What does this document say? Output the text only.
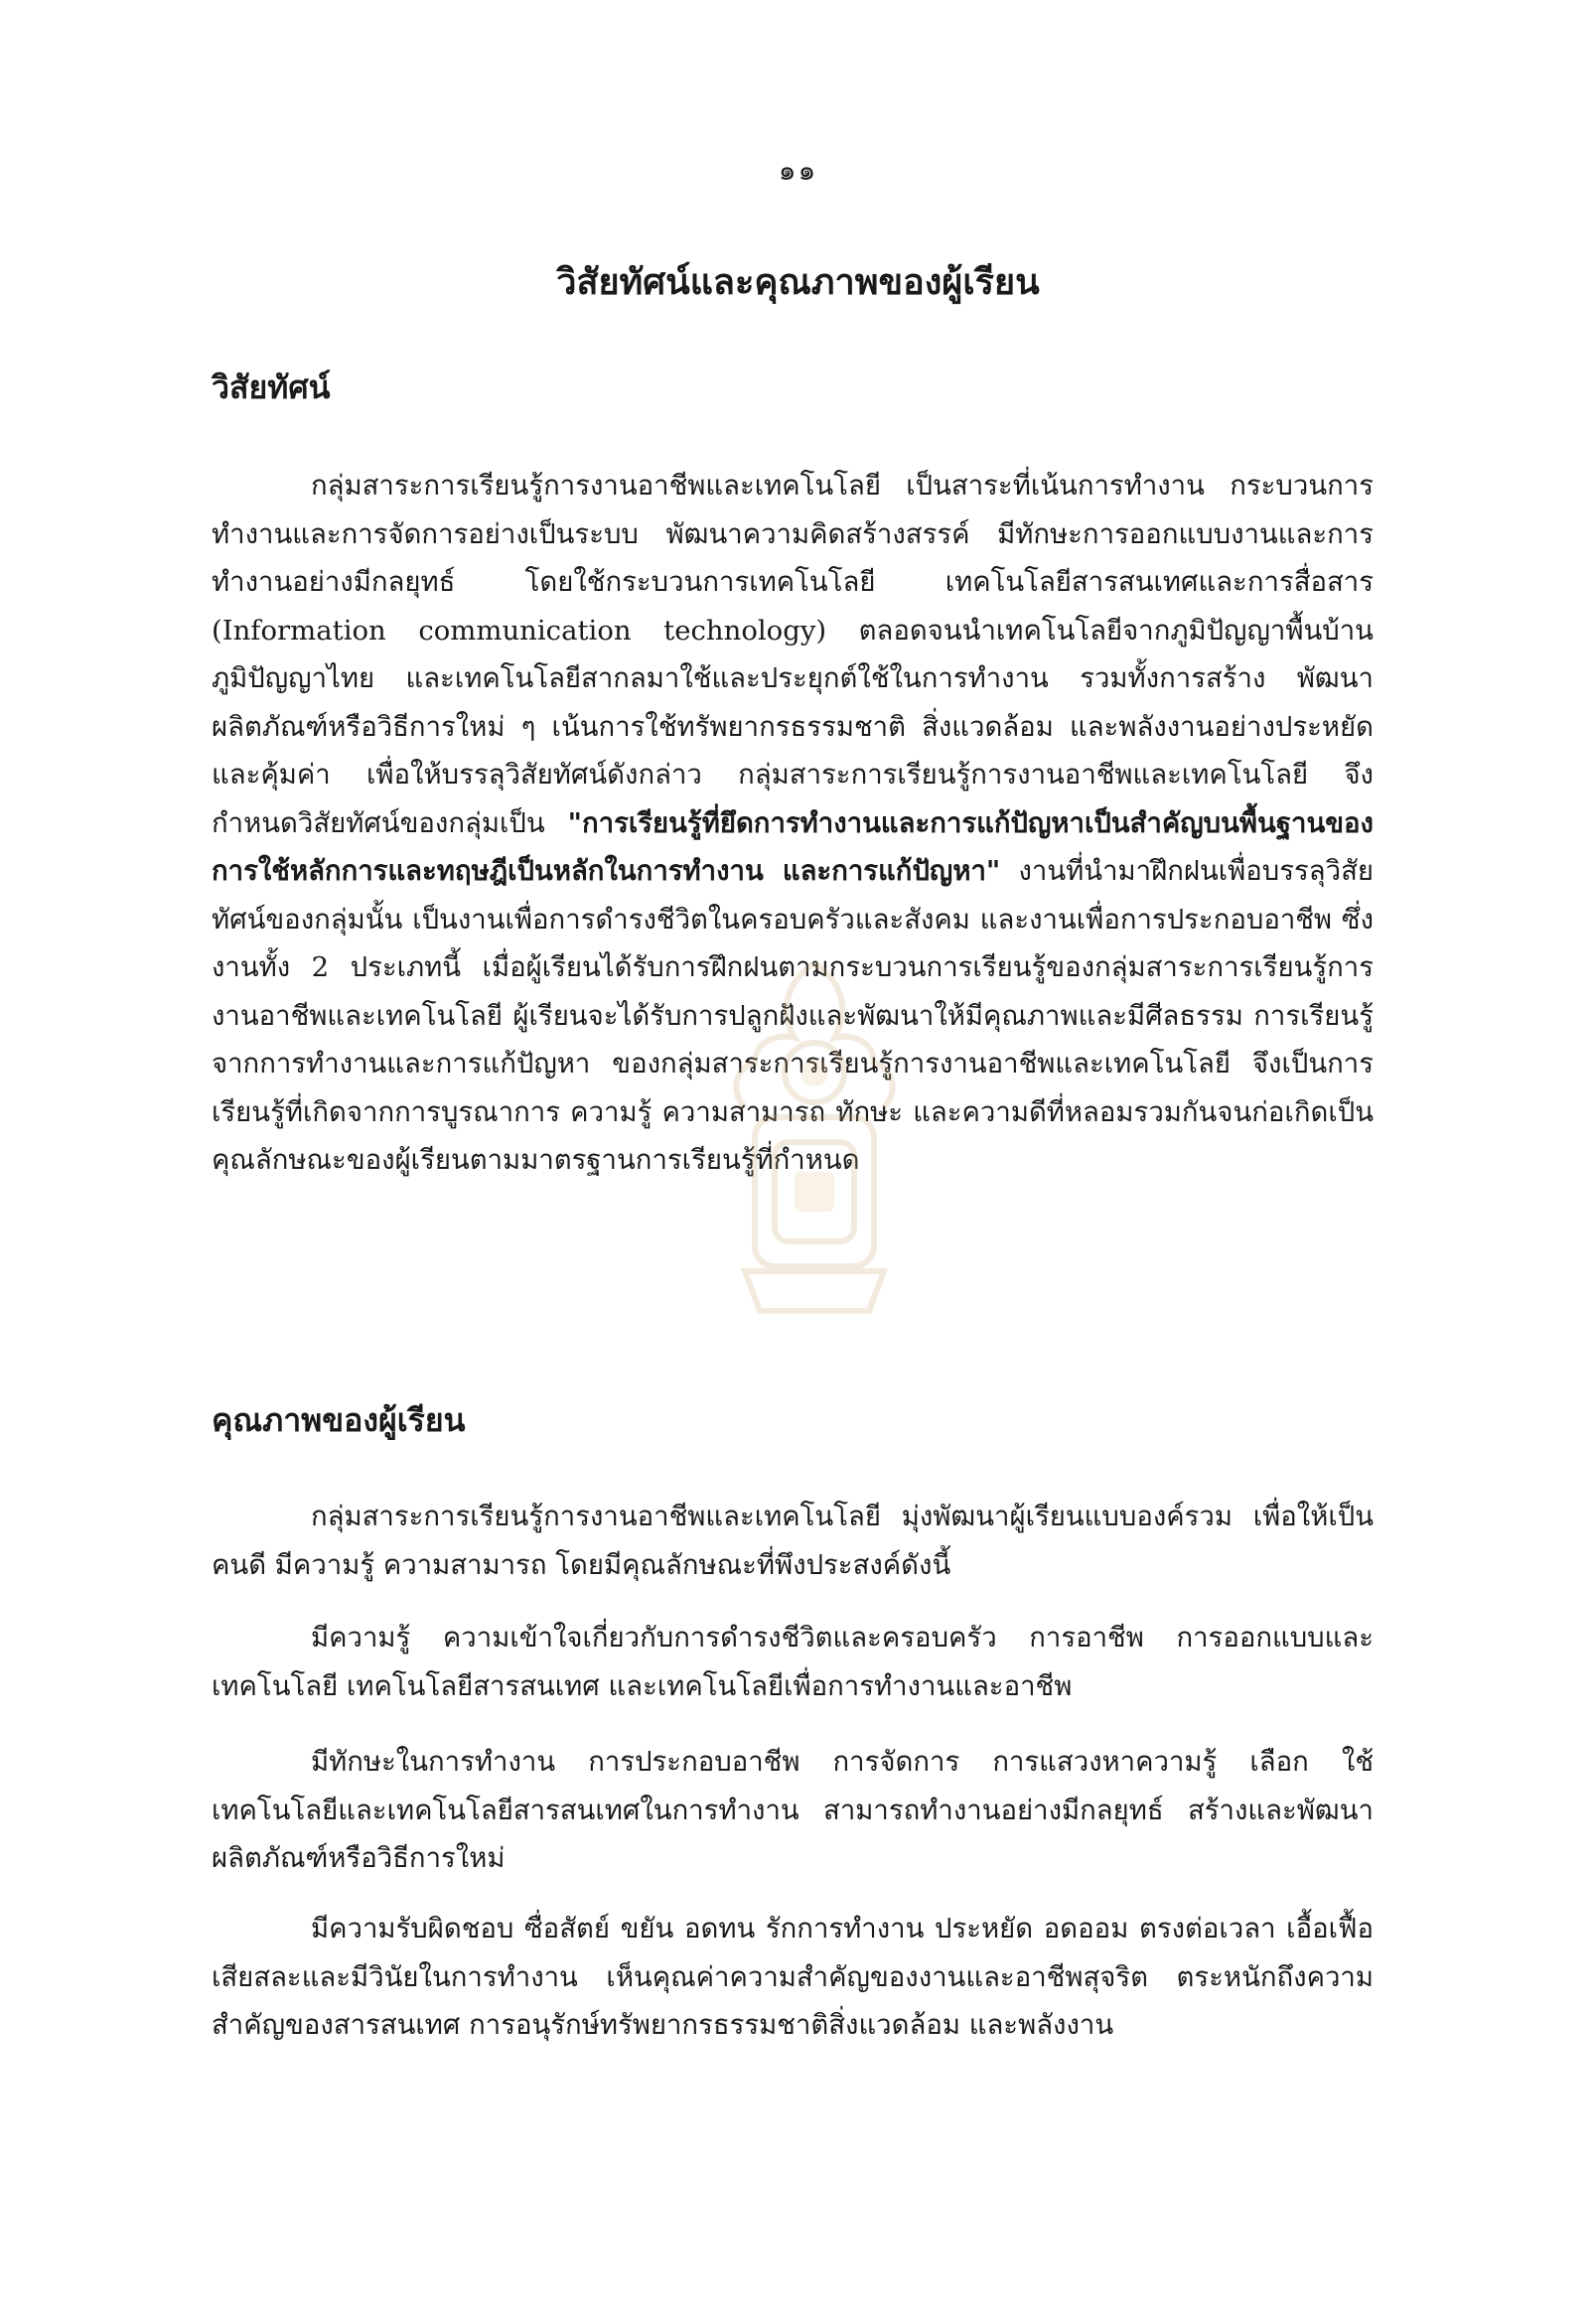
๑๑
วิสัยทัศน์และคุณภาพของผู้เรียน
วิสัยทัศน์
กลุ่มสาระการเรียนรู้การงานอาชีพและเทคโนโลยี เป็นสาระที่เน้นการทำงาน กระบวนการทำงานและการจัดการอย่างเป็นระบบ พัฒนาความคิดสร้างสรรค์ มีทักษะการออกแบบงานและการทำงานอย่างมีกลยุทธ์ โดยใช้กระบวนการเทคโนโลยี เทคโนโลยีสารสนเทศและการสื่อสาร (Information communication technology) ตลอดจนนำเทคโนโลยีจากภูมิปัญญาพื้นบ้าน ภูมิปัญญาไทย และเทคโนโลยีสากลมาใช้และประยุกต์ใช้ในการทำงาน รวมทั้งการสร้าง พัฒนาผลิตภัณฑ์หรือวิธีการใหม่ ๆ เน้นการใช้ทรัพยากรธรรมชาติ สิ่งแวดล้อม และพลังงานอย่างประหยัดและคุ้มค่า เพื่อให้บรรลุวิสัยทัศน์ดังกล่าว กลุ่มสาระการเรียนรู้การงานอาชีพและเทคโนโลยี จึงกำหนดวิสัยทัศน์ของกลุ่มเป็น "การเรียนรู้ที่ยึดการทำงานและการแก้ปัญหาเป็นสำคัญบนพื้นฐานของการใช้หลักการและทฤษฎีเป็นหลักในการทำงาน และการแก้ปัญหา" งานที่นำมาฝึกฝนเพื่อบรรลุวิสัยทัศน์ของกลุ่มนั้น เป็นงานเพื่อการดำรงชีวิตในครอบครัวและสังคม และงานเพื่อการประกอบอาชีพ ซึ่งงานทั้ง 2 ประเภทนี้ เมื่อผู้เรียนได้รับการฝึกฝนตามกระบวนการเรียนรู้ของกลุ่มสาระการเรียนรู้การงานอาชีพและเทคโนโลยี ผู้เรียนจะได้รับการปลูกฝังและพัฒนาให้มีคุณภาพและมีศีลธรรม การเรียนรู้จากการทำงานและการแก้ปัญหา ของกลุ่มสาระการเรียนรู้การงานอาชีพและเทคโนโลยี จึงเป็นการเรียนรู้ที่เกิดจากการบูรณาการ ความรู้ ความสามารถ ทักษะ และความดีที่หลอมรวมกันจนก่อเกิดเป็นคุณลักษณะของผู้เรียนตามมาตรฐานการเรียนรู้ที่กำหนด
คุณภาพของผู้เรียน
กลุ่มสาระการเรียนรู้การงานอาชีพและเทคโนโลยี มุ่งพัฒนาผู้เรียนแบบองค์รวม เพื่อให้เป็นคนดี มีความรู้ ความสามารถ โดยมีคุณลักษณะที่พึงประสงค์ดังนี้
มีความรู้ ความเข้าใจเกี่ยวกับการดำรงชีวิตและครอบครัว การอาชีพ การออกแบบและเทคโนโลยี เทคโนโลยีสารสนเทศ และเทคโนโลยีเพื่อการทำงานและอาชีพ
มีทักษะในการทำงาน การประกอบอาชีพ การจัดการ การแสวงหาความรู้ เลือก ใช้เทคโนโลยีและเทคโนโลยีสารสนเทศในการทำงาน สามารถทำงานอย่างมีกลยุทธ์ สร้างและพัฒนาผลิตภัณฑ์หรือวิธีการใหม่
มีความรับผิดชอบ ซื่อสัตย์ ขยัน อดทน รักการทำงาน ประหยัด อดออม ตรงต่อเวลา เอื้อเฟื้อ เสียสละและมีวินัยในการทำงาน เห็นคุณค่าความสำคัญของงานและอาชีพสุจริต ตระหนักถึงความสำคัญของสารสนเทศ การอนุรักษ์ทรัพยากรธรรมชาติสิ่งแวดล้อม และพลังงาน
